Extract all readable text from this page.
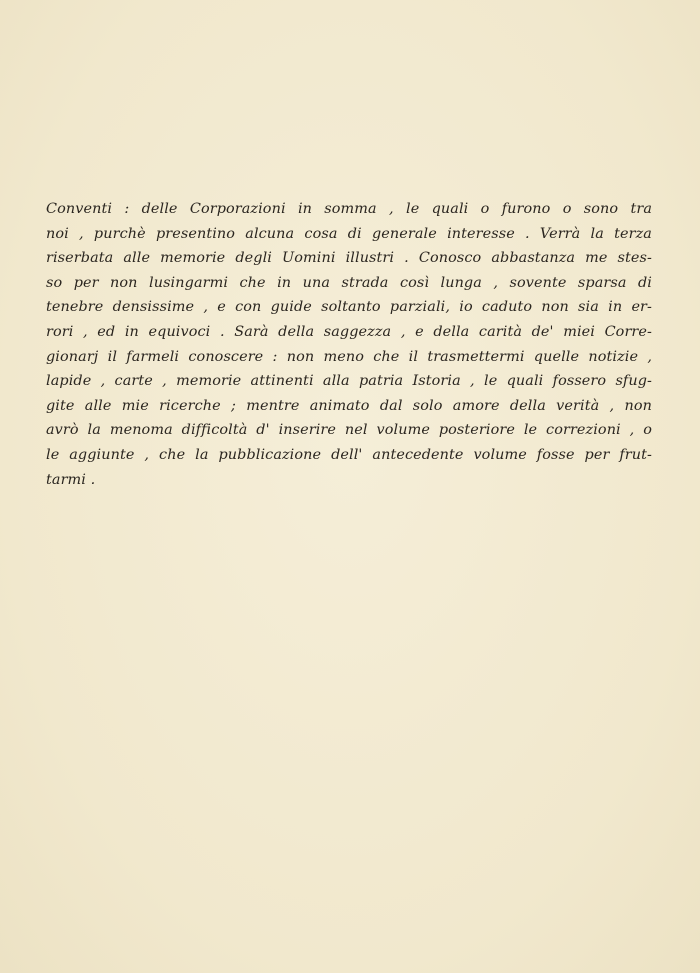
Conventi : delle Corporazioni in somma , le quali o furono o sono tra
noi , purchè presentino alcuna cosa di generale interesse . Verrà la terza
riserbata alle memorie degli Uomini illustri . Conosco abbastanza me stes-
so per non lusingarmi che in una strada così lunga , sovente sparsa di
tenebre densissime , e con guide soltanto parziali, io caduto non sia in er-
rori , ed in equivoci . Sarà della saggezza , e della carità de' miei Corre-
gionarj il farmeli conoscere : non meno che il trasmettermi quelle notizie ,
lapide , carte , memorie attinenti alla patria Istoria , le quali fossero sfug-
gite alle mie ricerche ; mentre animato dal solo amore della verità , non
avrò la menoma difficoltà d' inserire nel volume posteriore le correzioni , o
le aggiunte , che la pubblicazione dell' antecedente volume fosse per frut-
tarmi .
